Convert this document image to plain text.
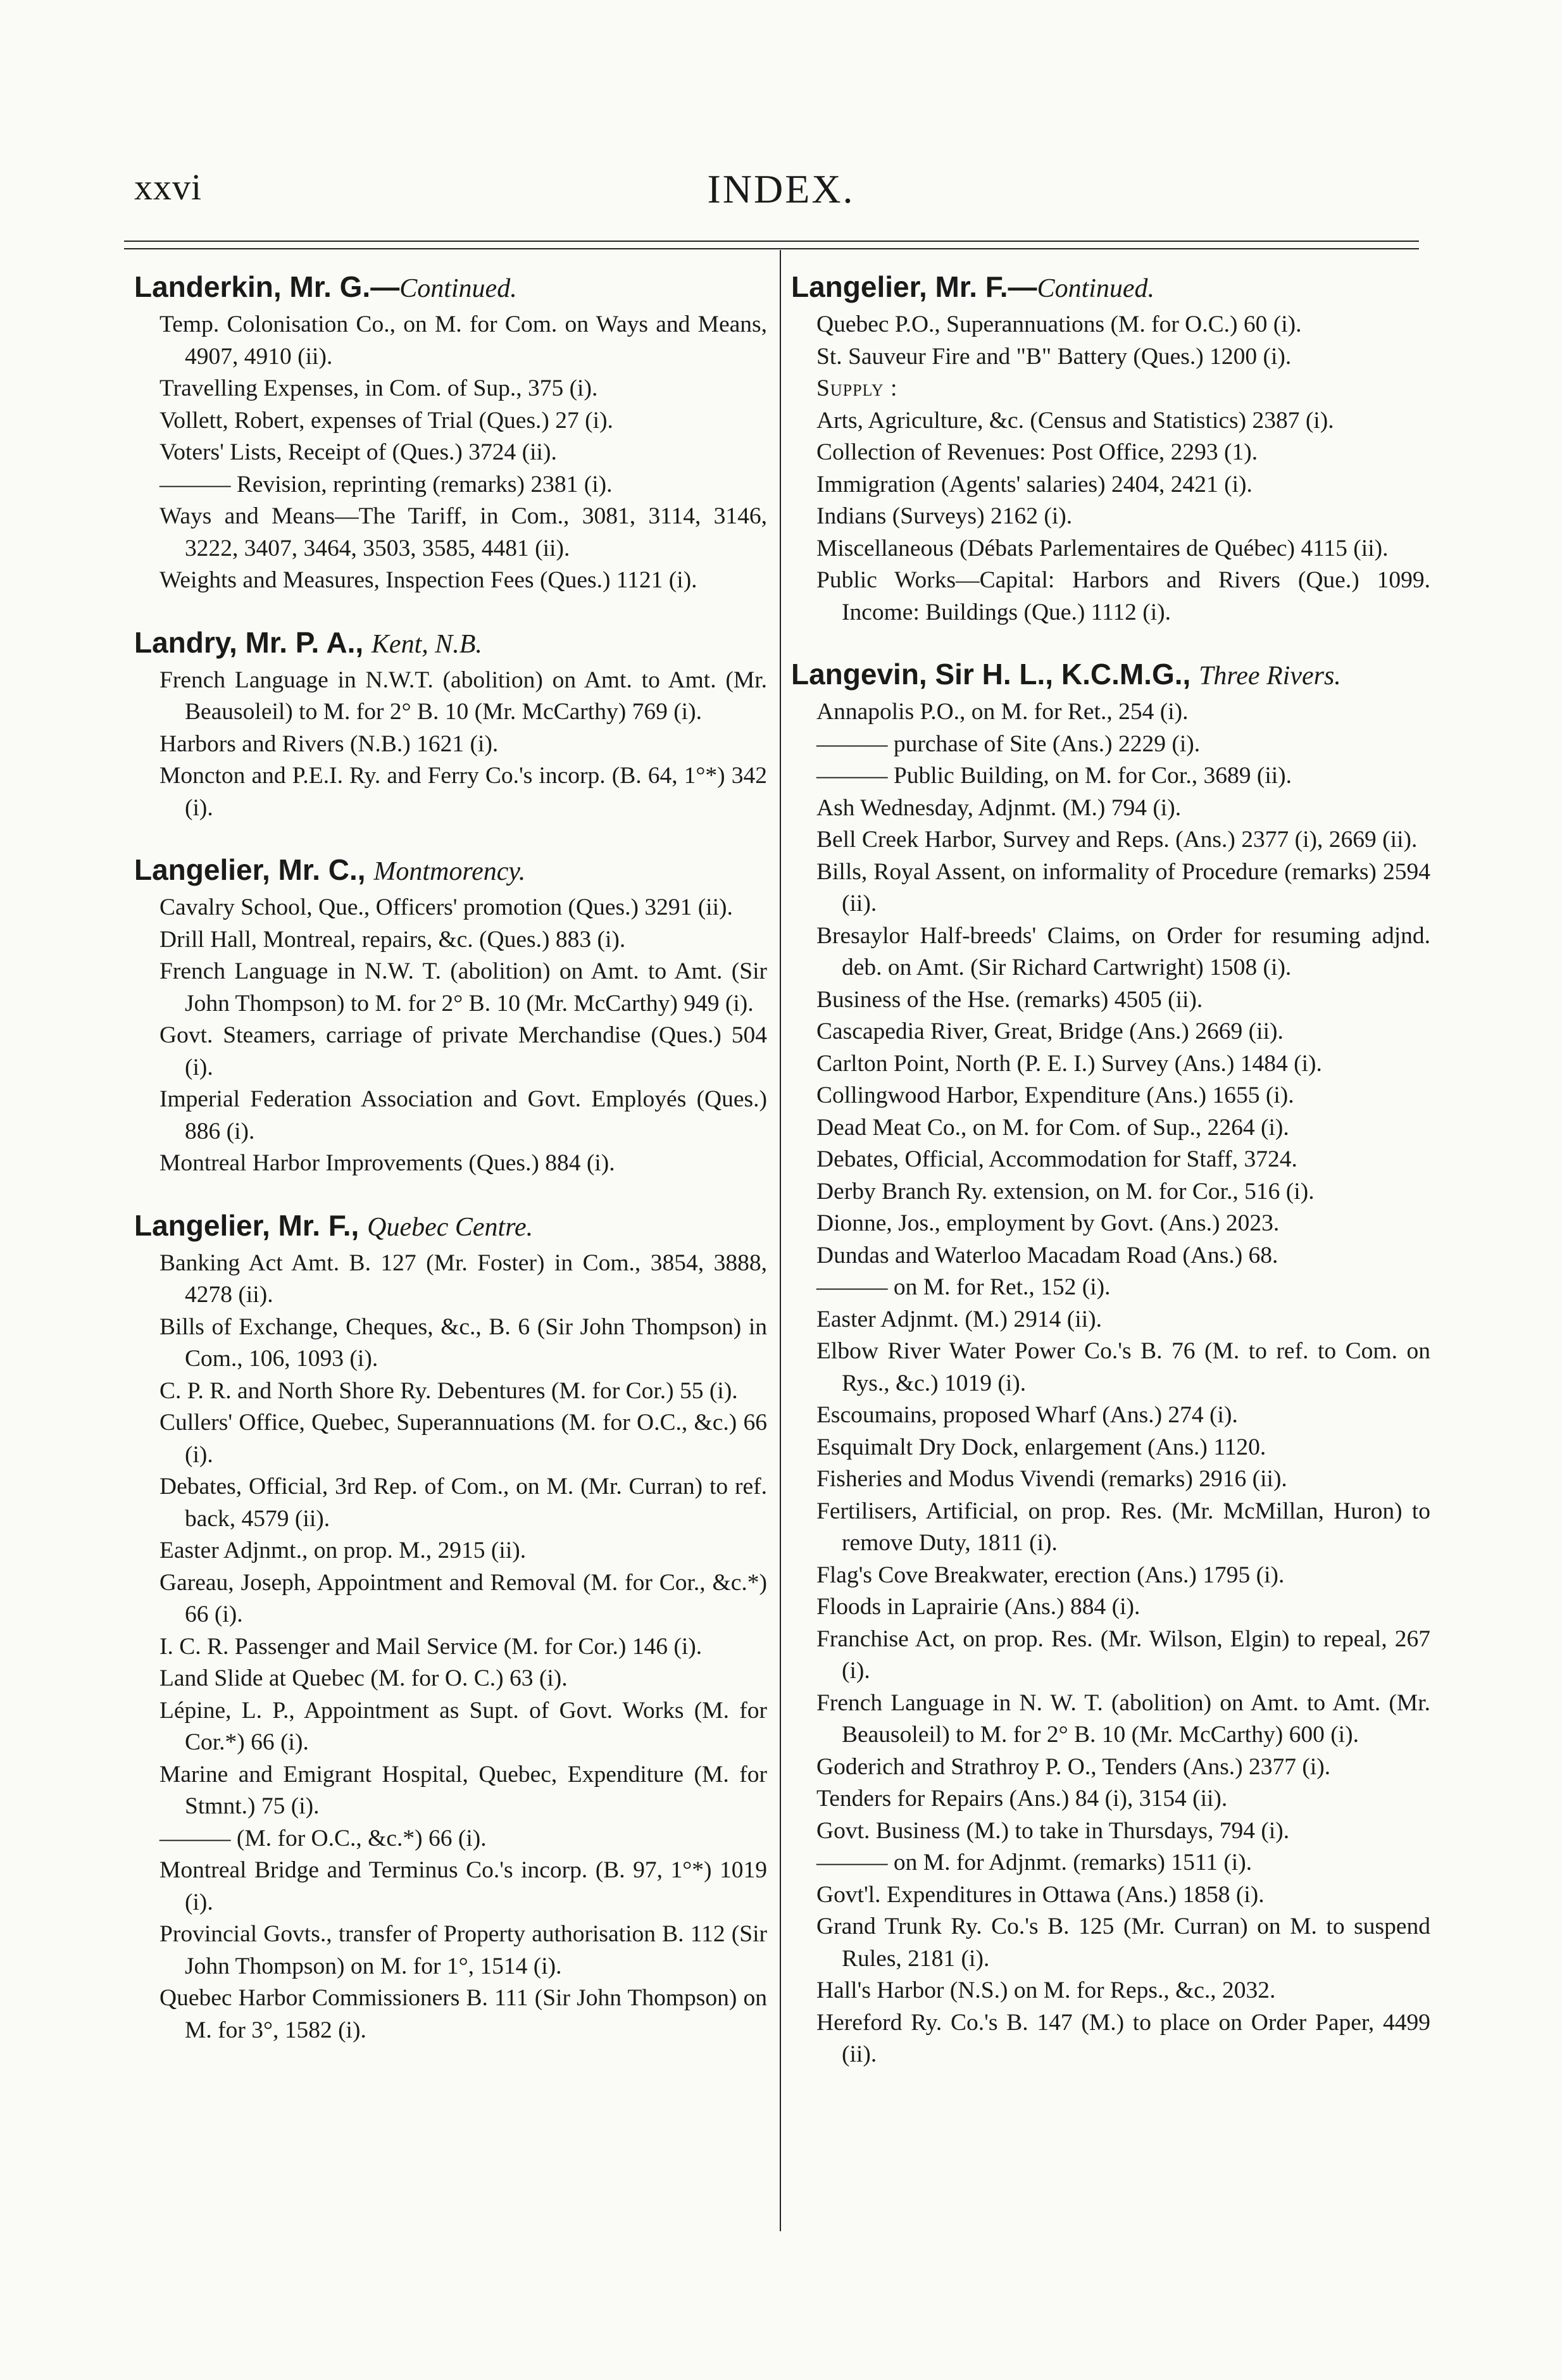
xxvi	INDEX.
Landerkin, Mr. G.—Continued.
Temp. Colonisation Co., on M. for Com. on Ways and Means, 4907, 4910 (ii).
Travelling Expenses, in Com. of Sup., 375 (i).
Vollett, Robert, expenses of Trial (Ques.) 27 (i).
Voters' Lists, Receipt of (Ques.) 3724 (ii).
——— Revision, reprinting (remarks) 2381 (i).
Ways and Means—The Tariff, in Com., 3081, 3114, 3146, 3222, 3407, 3464, 3503, 3585, 4481 (ii).
Weights and Measures, Inspection Fees (Ques.) 1121 (i).
Landry, Mr. P. A., Kent, N.B.
French Language in N.W.T. (abolition) on Amt. to Amt. (Mr. Beausoleil) to M. for 2° B. 10 (Mr. McCarthy) 769 (i).
Harbors and Rivers (N.B.) 1621 (i).
Moncton and P.E.I. Ry. and Ferry Co.'s incorp. (B. 64, 1°*) 342 (i).
Langelier, Mr. C., Montmorency.
Cavalry School, Que., Officers' promotion (Ques.) 3291 (ii).
Drill Hall, Montreal, repairs, &c. (Ques.) 883 (i).
French Language in N.W. T. (abolition) on Amt. to Amt. (Sir John Thompson) to M. for 2° B. 10 (Mr. McCarthy) 949 (i).
Govt. Steamers, carriage of private Merchandise (Ques.) 504 (i).
Imperial Federation Association and Govt. Employés (Ques.) 886 (i).
Montreal Harbor Improvements (Ques.) 884 (i).
Langelier, Mr. F., Quebec Centre.
Banking Act Amt. B. 127 (Mr. Foster) in Com., 3854, 3888, 4278 (ii).
Bills of Exchange, Cheques, &c., B. 6 (Sir John Thompson) in Com., 106, 1093 (i).
C. P. R. and North Shore Ry. Debentures (M. for Cor.) 55 (i).
Cullers' Office, Quebec, Superannuations (M. for O.C., &c.) 66 (i).
Debates, Official, 3rd Rep. of Com., on M. (Mr. Curran) to ref. back, 4579 (ii).
Easter Adjnmt., on prop. M., 2915 (ii).
Gareau, Joseph, Appointment and Removal (M. for Cor., &c.*) 66 (i).
I. C. R. Passenger and Mail Service (M. for Cor.) 146 (i).
Land Slide at Quebec (M. for O. C.) 63 (i).
Lépine, L. P., Appointment as Supt. of Govt. Works (M. for Cor.*) 66 (i).
Marine and Emigrant Hospital, Quebec, Expenditure (M. for Stmnt.) 75 (i).
——— (M. for O.C., &c.*) 66 (i).
Montreal Bridge and Terminus Co.'s incorp. (B. 97, 1°*) 1019 (i).
Provincial Govts., transfer of Property authorisation B. 112 (Sir John Thompson) on M. for 1°, 1514 (i).
Quebec Harbor Commissioners B. 111 (Sir John Thompson) on M. for 3°, 1582 (i).
Langelier, Mr. F.—Continued.
Quebec P.O., Superannuations (M. for O.C.) 60 (i).
St. Sauveur Fire and "B" Battery (Ques.) 1200 (i).
Supply :
Arts, Agriculture, &c. (Census and Statistics) 2387 (i).
Collection of Revenues: Post Office, 2293 (1).
Immigration (Agents' salaries) 2404, 2421 (i).
Indians (Surveys) 2162 (i).
Miscellaneous (Débats Parlementaires de Québec) 4115 (ii).
Public Works—Capital: Harbors and Rivers (Que.) 1099. Income: Buildings (Que.) 1112 (i).
Langevin, Sir H. L., K.C.M.G., Three Rivers.
Annapolis P.O., on M. for Ret., 254 (i).
——— purchase of Site (Ans.) 2229 (i).
——— Public Building, on M. for Cor., 3689 (ii).
Ash Wednesday, Adjnmt. (M.) 794 (i).
Bell Creek Harbor, Survey and Reps. (Ans.) 2377 (i), 2669 (ii).
Bills, Royal Assent, on informality of Procedure (remarks) 2594 (ii).
Bresaylor Half-breeds' Claims, on Order for resuming adjnd. deb. on Amt. (Sir Richard Cartwright) 1508 (i).
Business of the Hse. (remarks) 4505 (ii).
Cascapedia River, Great, Bridge (Ans.) 2669 (ii).
Carlton Point, North (P. E. I.) Survey (Ans.) 1484 (i).
Collingwood Harbor, Expenditure (Ans.) 1655 (i).
Dead Meat Co., on M. for Com. of Sup., 2264 (i).
Debates, Official, Accommodation for Staff, 3724.
Derby Branch Ry. extension, on M. for Cor., 516 (i).
Dionne, Jos., employment by Govt. (Ans.) 2023.
Dundas and Waterloo Macadam Road (Ans.) 68.
——— on M. for Ret., 152 (i).
Easter Adjnmt. (M.) 2914 (ii).
Elbow River Water Power Co.'s B. 76 (M. to ref. to Com. on Rys., &c.) 1019 (i).
Escoumains, proposed Wharf (Ans.) 274 (i).
Esquimalt Dry Dock, enlargement (Ans.) 1120.
Fisheries and Modus Vivendi (remarks) 2916 (ii).
Fertilisers, Artificial, on prop. Res. (Mr. McMillan, Huron) to remove Duty, 1811 (i).
Flag's Cove Breakwater, erection (Ans.) 1795 (i).
Floods in Laprairie (Ans.) 884 (i).
Franchise Act, on prop. Res. (Mr. Wilson, Elgin) to repeal, 267 (i).
French Language in N. W. T. (abolition) on Amt. to Amt. (Mr. Beausoleil) to M. for 2° B. 10 (Mr. McCarthy) 600 (i).
Goderich and Strathroy P. O., Tenders (Ans.) 2377 (i).
Tenders for Repairs (Ans.) 84 (i), 3154 (ii).
Govt. Business (M.) to take in Thursdays, 794 (i).
——— on M. for Adjnmt. (remarks) 1511 (i).
Govt'l. Expenditures in Ottawa (Ans.) 1858 (i).
Grand Trunk Ry. Co.'s B. 125 (Mr. Curran) on M. to suspend Rules, 2181 (i).
Hall's Harbor (N.S.) on M. for Reps., &c., 2032.
Hereford Ry. Co.'s B. 147 (M.) to place on Order Paper, 4499 (ii).
